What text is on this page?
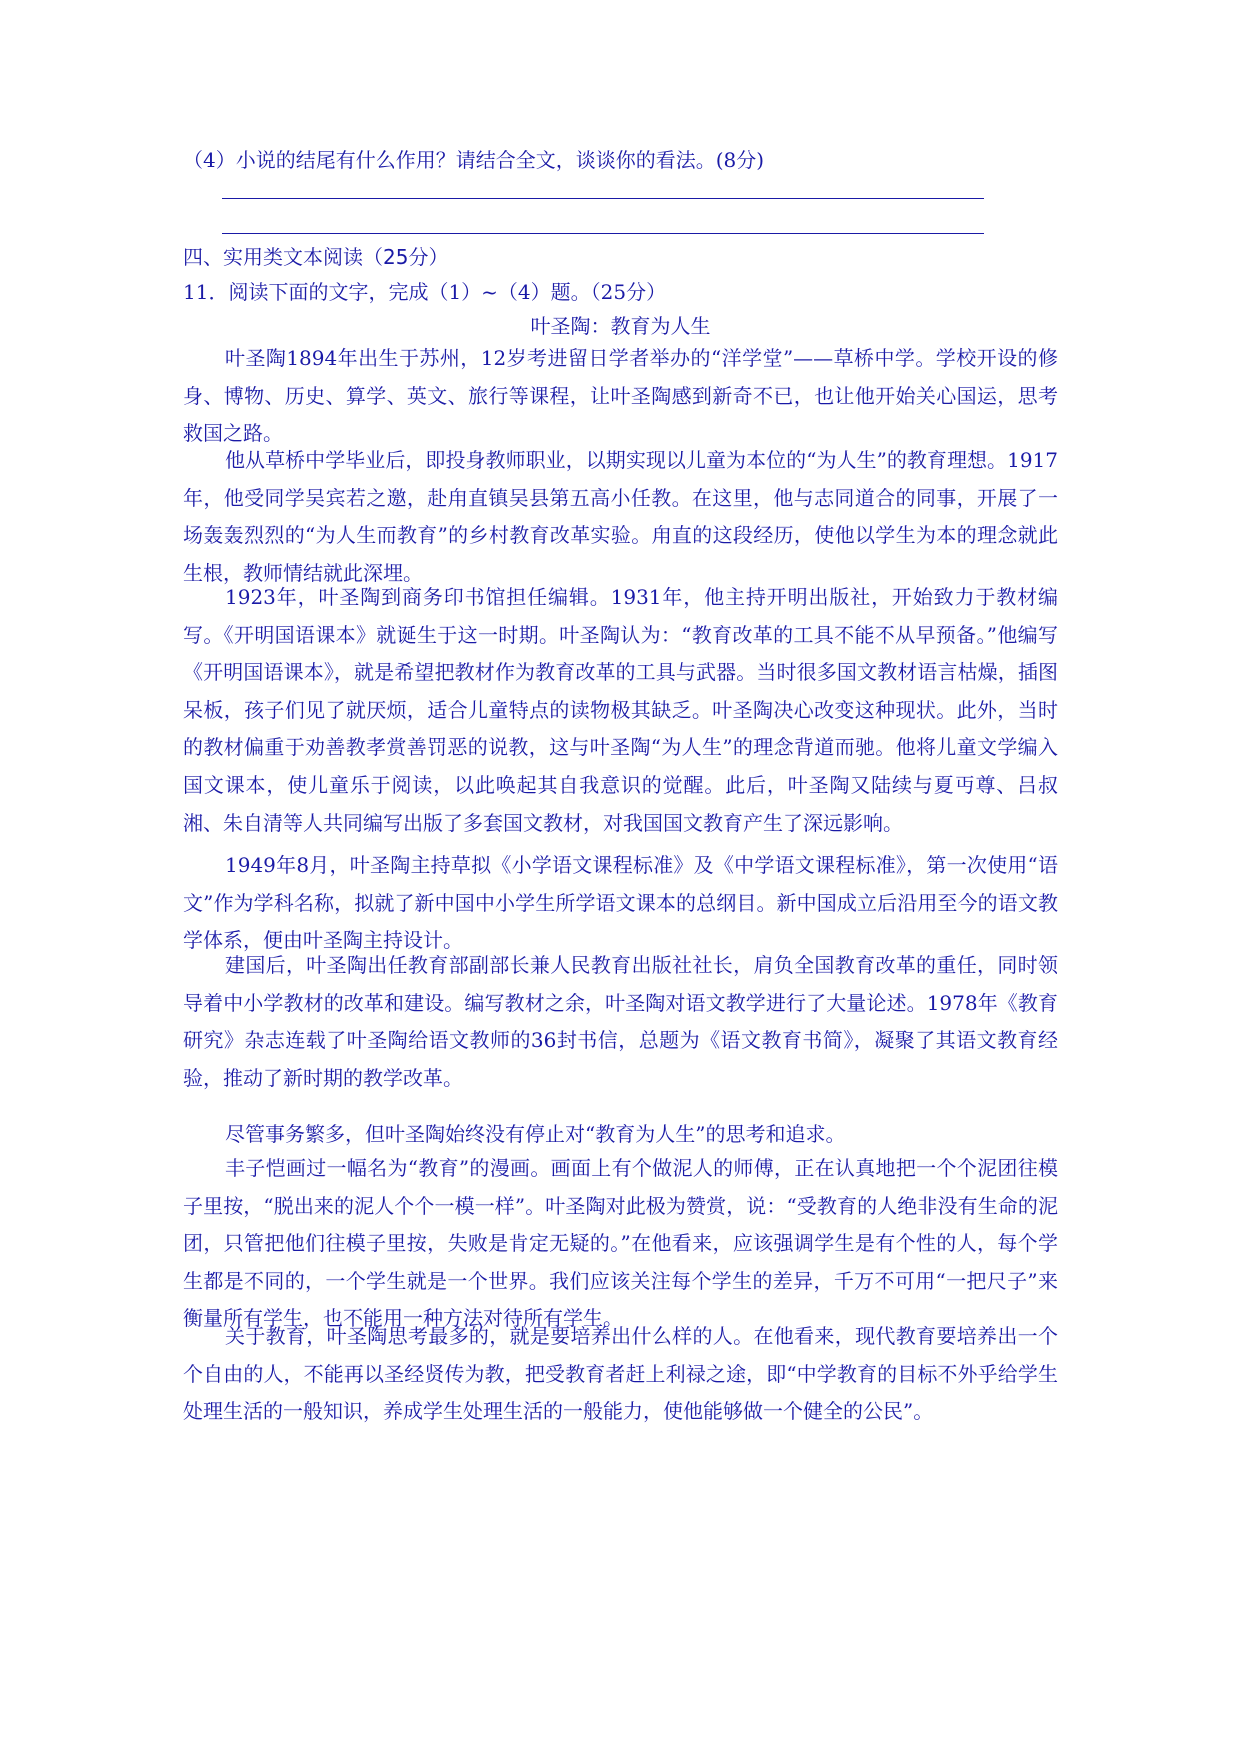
（4）小说的结尾有什么作用？请结合全文，谈谈你的看法。(8分)
四、实用类文本阅读（25分）
11．阅读下面的文字，完成（1）~（4）题。（25分）
叶圣陶：教育为人生

叶圣陶1894年出生于苏州，12岁考进留日学者举办的“洋学堂”——草桥中学。学校开设的修身、博物、历史、算学、英文、旅行等课程，让叶圣陶感到新奇不已，也让他开始关心国运，思考救国之路。

他从草桥中学毕业后，即投身教师职业，以期实现以儿童为本位的“为人生”的教育理想。1917年，他受同学吴宾若之邀，赴甪直镇吴县第五高小任教。在这里，他与志同道合的同事，开展了一场轰轰烈烈的“为人生而教育”的乡村教育改革实验。甪直的这段经历，使他以学生为本的理念就此生根，教师情结就此深埋。

1923年，叶圣陶到商务印书馆担任编辑。1931年，他主持开明出版社，开始致力于教材编写。《开明国语课本》就诞生于这一时期。叶圣陶认为：“教育改革的工具不能不从早预备。”他编写《开明国语课本》，就是希望把教材作为教育改革的工具与武器。当时很多国文教材语言枯燥，插图呆板，孩子们见了就厌烦，适合儿童特点的读物极其缺乏。叶圣陶决心改变这种现状。此外，当时的教材偏重于劝善教孝赏善罚恶的说教，这与叶圣陶“为人生”的理念背道而驰。他将儿童文学编入国文课本，使儿童乐于阅读，以此唤起其自我意识的觉醒。此后，叶圣陶又陆续与夏丏尊、吕叔湘、朱自清等人共同编写出版了多套国文教材，对我国国文教育产生了深远影响。

1949年8月，叶圣陶主持草拟《小学语文课程标准》及《中学语文课程标准》，第一次使用“语文”作为学科名称，拟就了新中国中小学生所学语文课本的总纲目。新中国成立后沿用至今的语文教学体系，便由叶圣陶主持设计。

建国后，叶圣陶出任教育部副部长兼人民教育出版社社长，肩负全国教育改革的重任，同时领导着中小学教材的改革和建设。编写教材之余，叶圣陶对语文教学进行了大量论述。1978年《教育研究》杂志连载了叶圣陶给语文教师的36封书信，总题为《语文教育书简》，凝聚了其语文教育经验，推动了新时期的教学改革。

尽管事务繁多，但叶圣陶始终没有停止对“教育为人生”的思考和追求。

丰子恺画过一幅名为“教育”的漫画。画面上有个做泥人的师傅，正在认真地把一个个泥团往模子里按，“脱出来的泥人个个一模一样”。叶圣陶对此极为赞赏，说：“受教育的人绝非没有生命的泥团，只管把他们往模子里按，失败是肯定无疑的。”在他看来，应该强调学生是有个性的人，每个学生都是不同的，一个学生就是一个世界。我们应该关注每个学生的差异，千万不可用“一把尺子”来衡量所有学生，也不能用一种方法对待所有学生。

关于教育，叶圣陶思考最多的，就是要培养出什么样的人。在他看来，现代教育要培养出一个个自由的人，不能再以圣经贤传为教，把受教育者赶上利禄之途，即“中学教育的目标不外乎给学生处理生活的一般知识，养成学生处理生活的一般能力，使他能够做一个健全的公民”。
